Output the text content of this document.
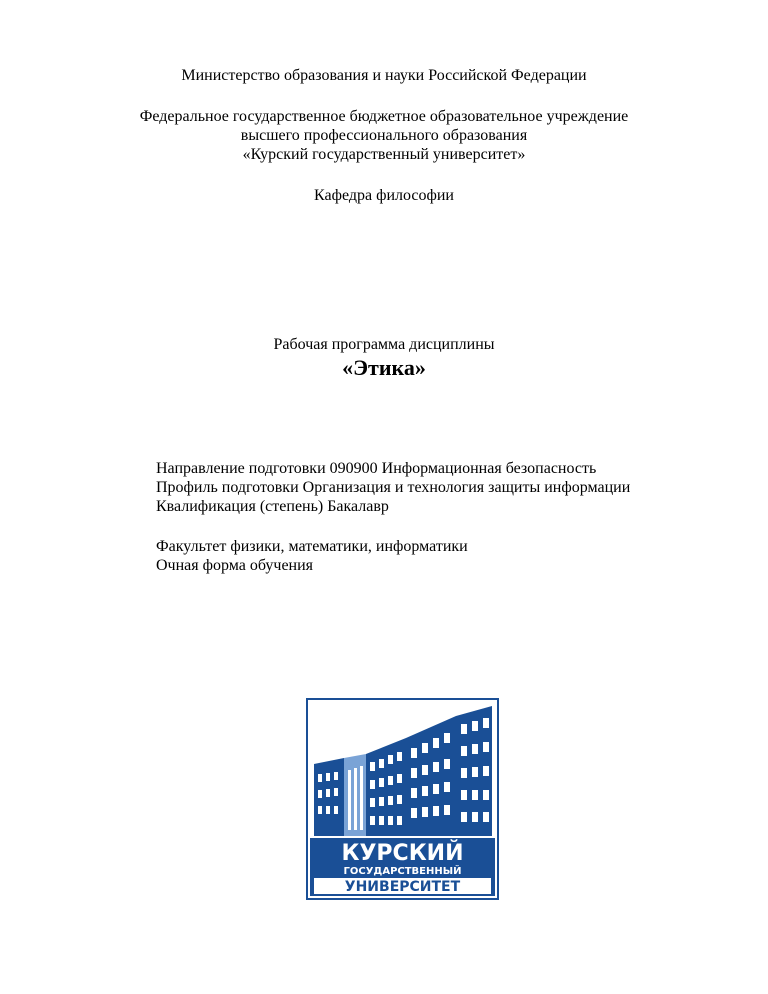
Министерство образования и науки Российской Федерации
Федеральное государственное бюджетное образовательное учреждение
высшего профессионального образования
«Курский государственный университет»
Кафедра философии
Рабочая программа дисциплины
«Этика»
Направление подготовки 090900 Информационная безопасность
Профиль подготовки Организация и технология защиты информации
Квалификация (степень) Бакалавр
Факультет физики, математики, информатики
Очная форма обучения
КУРСКИЙ
ГОСУДАРСТВЕННЫЙ
УНИВЕРСИТЕТ
